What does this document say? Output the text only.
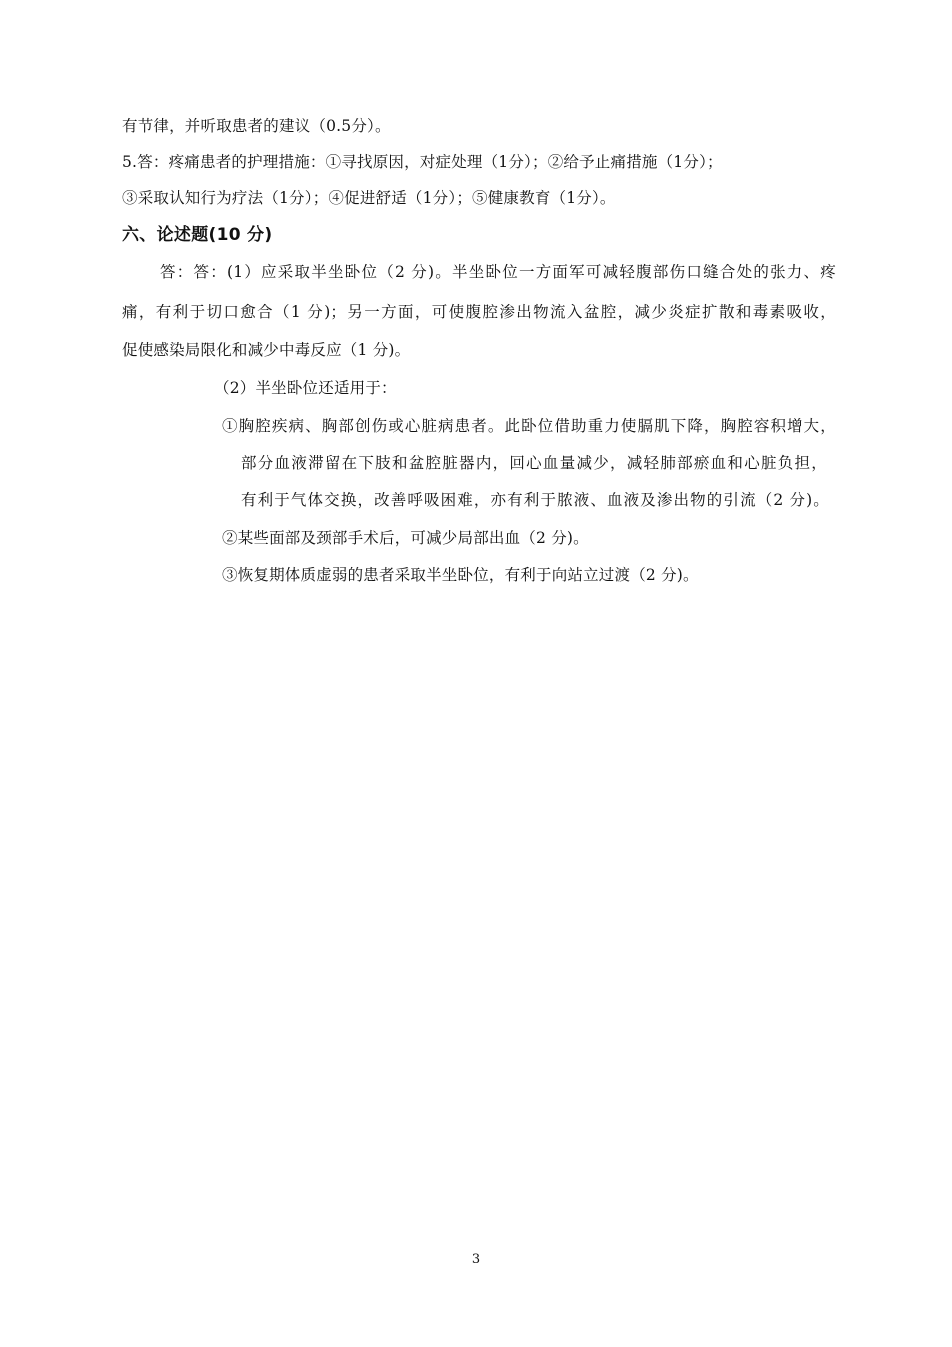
有节律，并听取患者的建议（0.5分）。
5.答：疼痛患者的护理措施：①寻找原因，对症处理（1分）；②给予止痛措施（1分）；
③采取认知行为疗法（1分）；④促进舒适（1分）；⑤健康教育（1分）。
六、论述题(10 分)
答：答：(1）应采取半坐卧位（2 分)。半坐卧位一方面军可减轻腹部伤口缝合处的张力、疼
痛，有利于切口愈合（1 分)；另一方面，可使腹腔渗出物流入盆腔，减少炎症扩散和毒素吸收，
促使感染局限化和减少中毒反应（1 分)。
（2）半坐卧位还适用于：
①胸腔疾病、胸部创伤或心脏病患者。此卧位借助重力使膈肌下降，胸腔容积增大，
部分血液滞留在下肢和盆腔脏器内，回心血量减少，减轻肺部瘀血和心脏负担，
有利于气体交换，改善呼吸困难，亦有利于脓液、血液及渗出物的引流（2 分)。
②某些面部及颈部手术后，可减少局部出血（2 分)。
③恢复期体质虚弱的患者采取半坐卧位，有利于向站立过渡（2 分)。
3
